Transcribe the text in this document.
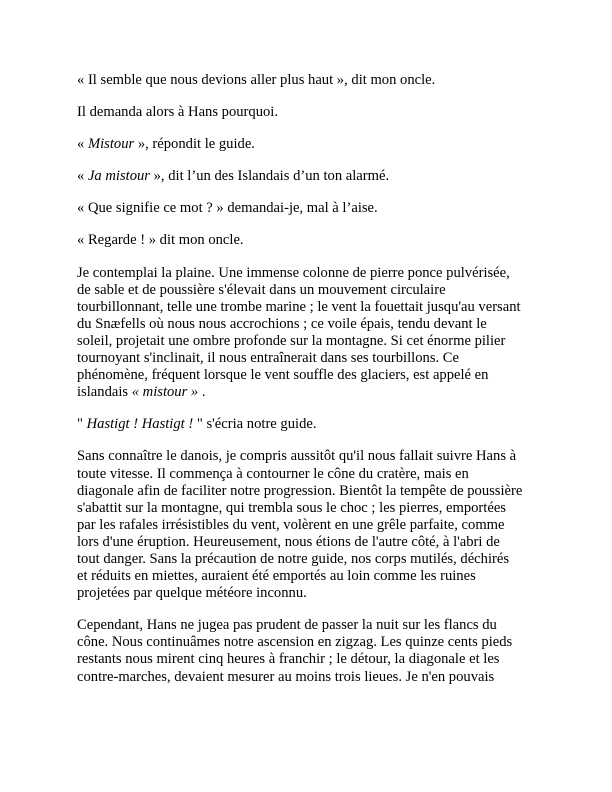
« Il semble que nous devions aller plus haut », dit mon oncle.

Il demanda alors à Hans pourquoi.

« Mistour », répondit le guide.

« Ja mistour », dit l’un des Islandais d’un ton alarmé.

« Que signifie ce mot ? » demandai-je, mal à l’aise.

« Regarde ! » dit mon oncle.

Je contemplai la plaine. Une immense colonne de pierre ponce pulvérisée,
de sable et de poussière s'élevait dans un mouvement circulaire
tourbillonnant, telle une trombe marine ; le vent la fouettait jusqu'au versant
du Snæfells où nous nous accrochions ; ce voile épais, tendu devant le
soleil, projetait une ombre profonde sur la montagne. Si cet énorme pilier
tournoyant s'inclinait, il nous entraînerait dans ses tourbillons. Ce
phénomène, fréquent lorsque le vent souffle des glaciers, est appelé en
islandais « mistour » .

" Hastigt ! Hastigt ! " s'écria notre guide.

Sans connaître le danois, je compris aussitôt qu'il nous fallait suivre Hans à
toute vitesse. Il commença à contourner le cône du cratère, mais en
diagonale afin de faciliter notre progression. Bientôt la tempête de poussière
s'abattit sur la montagne, qui trembla sous le choc ; les pierres, emportées
par les rafales irrésistibles du vent, volèrent en une grêle parfaite, comme
lors d'une éruption. Heureusement, nous étions de l'autre côté, à l'abri de
tout danger. Sans la précaution de notre guide, nos corps mutilés, déchirés
et réduits en miettes, auraient été emportés au loin comme les ruines
projetées par quelque météore inconnu.

Cependant, Hans ne jugea pas prudent de passer la nuit sur les flancs du
cône. Nous continuâmes notre ascension en zigzag. Les quinze cents pieds
restants nous mirent cinq heures à franchir ; le détour, la diagonale et les
contre-marches, devaient mesurer au moins trois lieues. Je n'en pouvais
